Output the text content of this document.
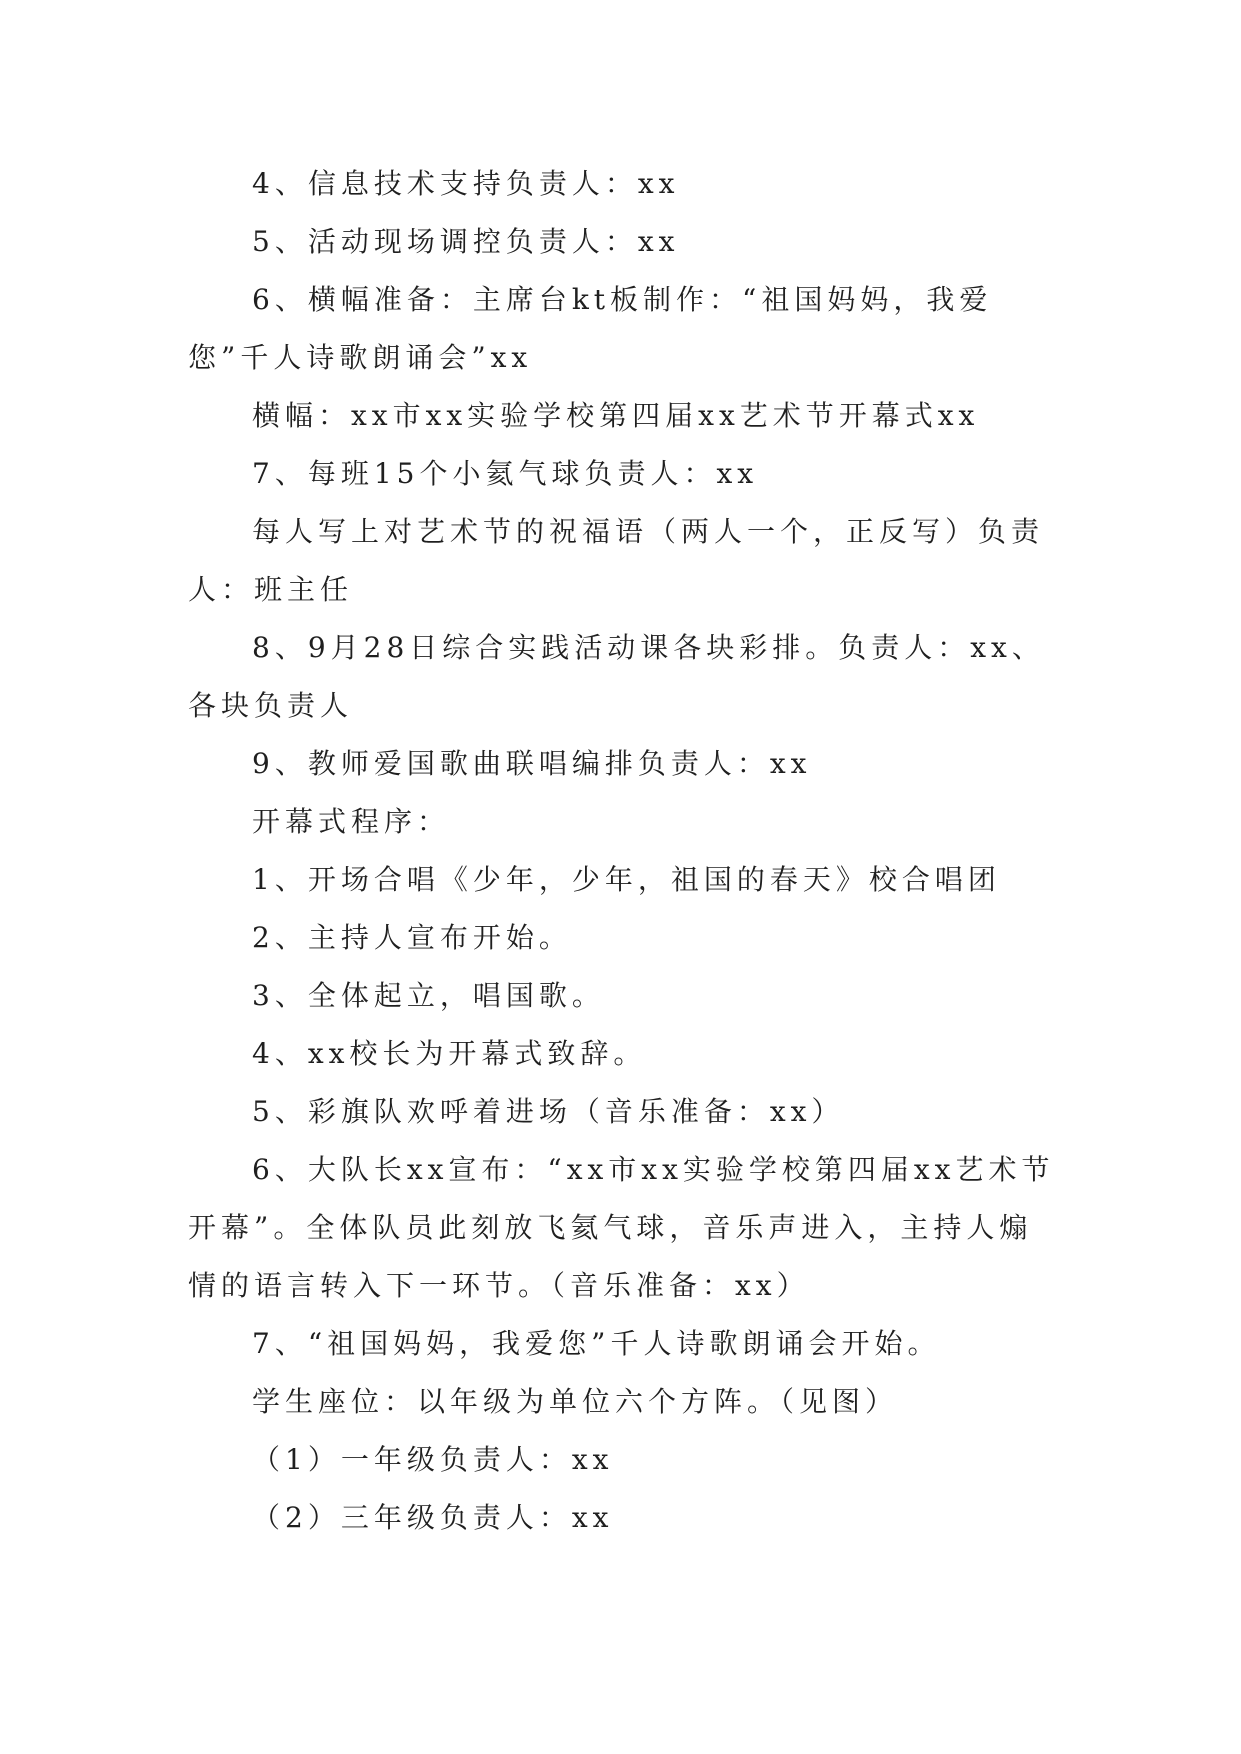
4、信息技术支持负责人：xx

5、活动现场调控负责人：xx

6、横幅准备：主席台kt板制作：“祖国妈妈，我爱您”千人诗歌朗诵会”xx

横幅：xx市xx实验学校第四届xx艺术节开幕式xx

7、每班15个小氦气球负责人：xx

每人写上对艺术节的祝福语（两人一个，正反写）负责人：班主任

8、9月28日综合实践活动课各块彩排。负责人：xx、各块负责人

9、教师爱国歌曲联唱编排负责人：xx

开幕式程序：

1、开场合唱《少年，少年，祖国的春天》校合唱团

2、主持人宣布开始。

3、全体起立，唱国歌。

4、xx校长为开幕式致辞。

5、彩旗队欢呼着进场（音乐准备：xx）

6、大队长xx宣布：“xx市xx实验学校第四届xx艺术节开幕”。全体队员此刻放飞氦气球，音乐声进入，主持人煽情的语言转入下一环节。（音乐准备：xx）

7、“祖国妈妈，我爱您”千人诗歌朗诵会开始。

学生座位：以年级为单位六个方阵。（见图）

（1）一年级负责人：xx

（2）三年级负责人：xx
